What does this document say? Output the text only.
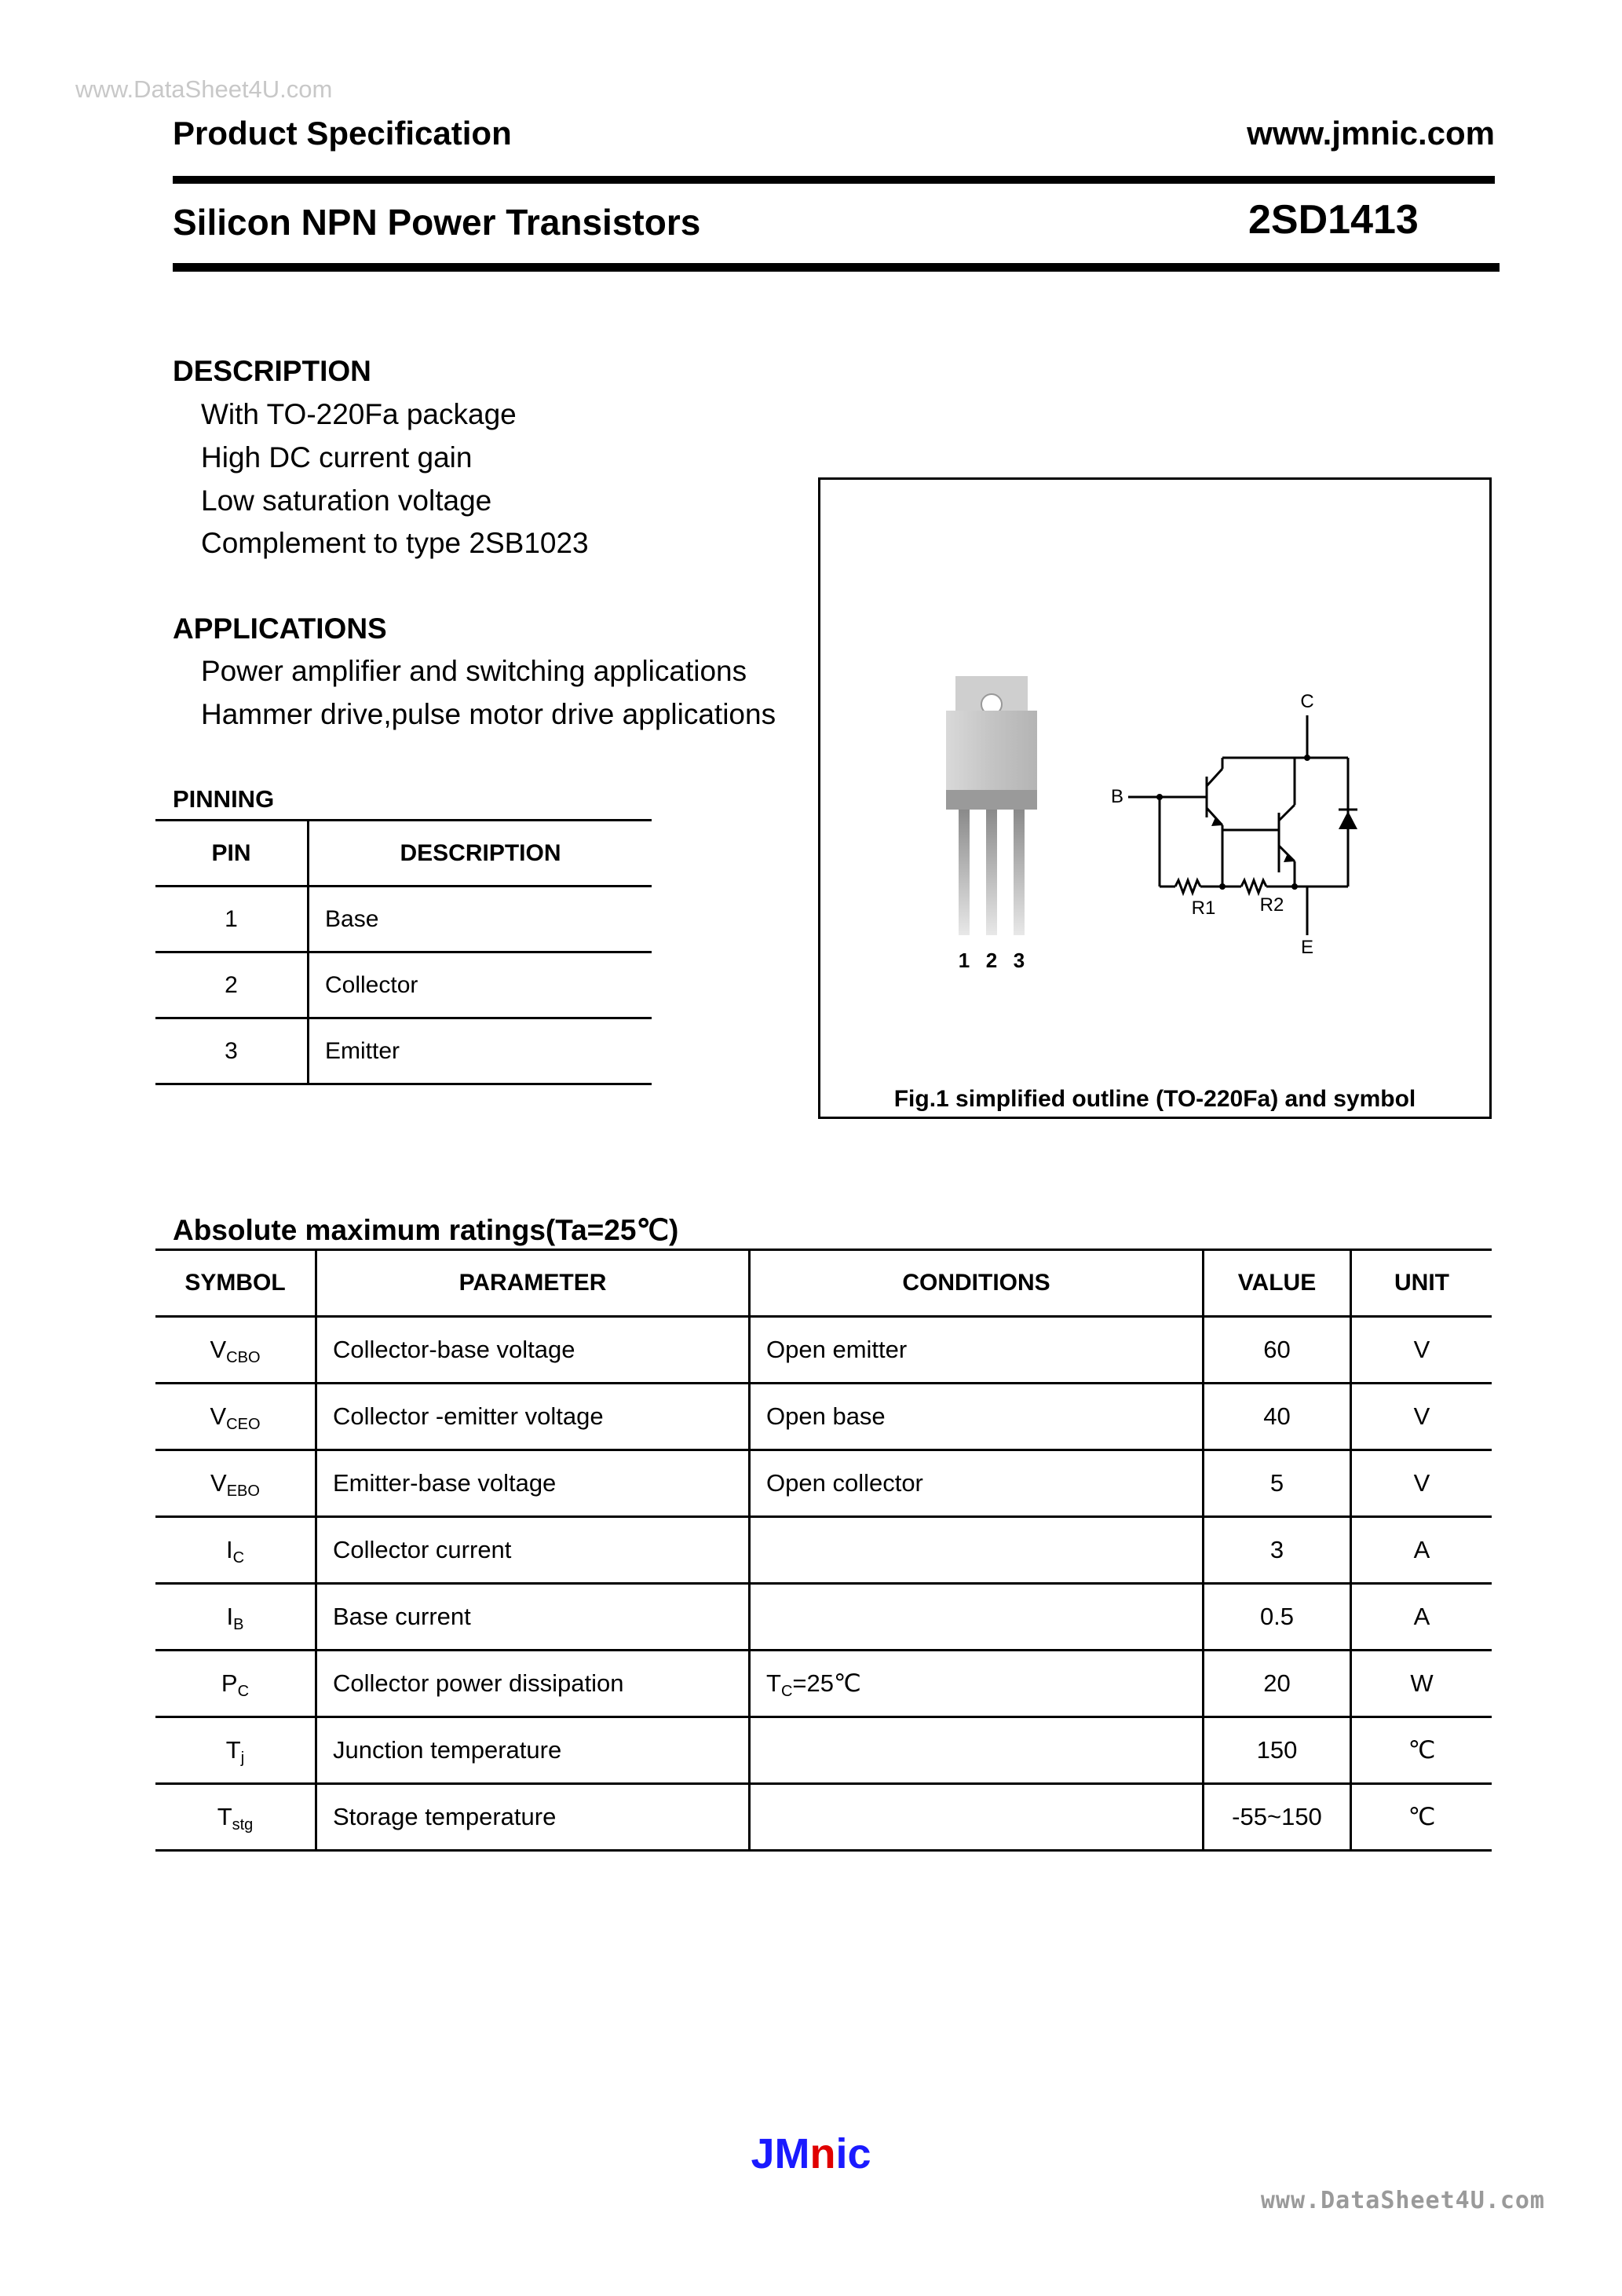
www.DataSheet4U.com
Product Specification	www.jmnic.com
Silicon NPN Power Transistors	2SD1413
DESCRIPTION
With TO-220Fa package
High DC current gain
Low saturation voltage
Complement to type 2SB1023
APPLICATIONS
Power amplifier and switching applications
Hammer drive,pulse motor drive applications
PINNING
PIN	DESCRIPTION
1	Base
2	Collector
3	Emitter
1 2 3
B
C
E
R1 R2
Fig.1 simplified outline (TO-220Fa) and symbol
Absolute maximum ratings(Ta=25℃)
SYMBOL	PARAMETER	CONDITIONS	VALUE	UNIT
VCBO	Collector-base voltage	Open emitter	60	V
VCEO	Collector -emitter voltage	Open base	40	V
VEBO	Emitter-base voltage	Open collector	5	V
IC	Collector current		3	A
IB	Base current		0.5	A
PC	Collector power dissipation	TC=25℃	20	W
Tj	Junction temperature		150	℃
Tstg	Storage temperature		-55~150	℃
JMnic
www.DataSheet4U.com
